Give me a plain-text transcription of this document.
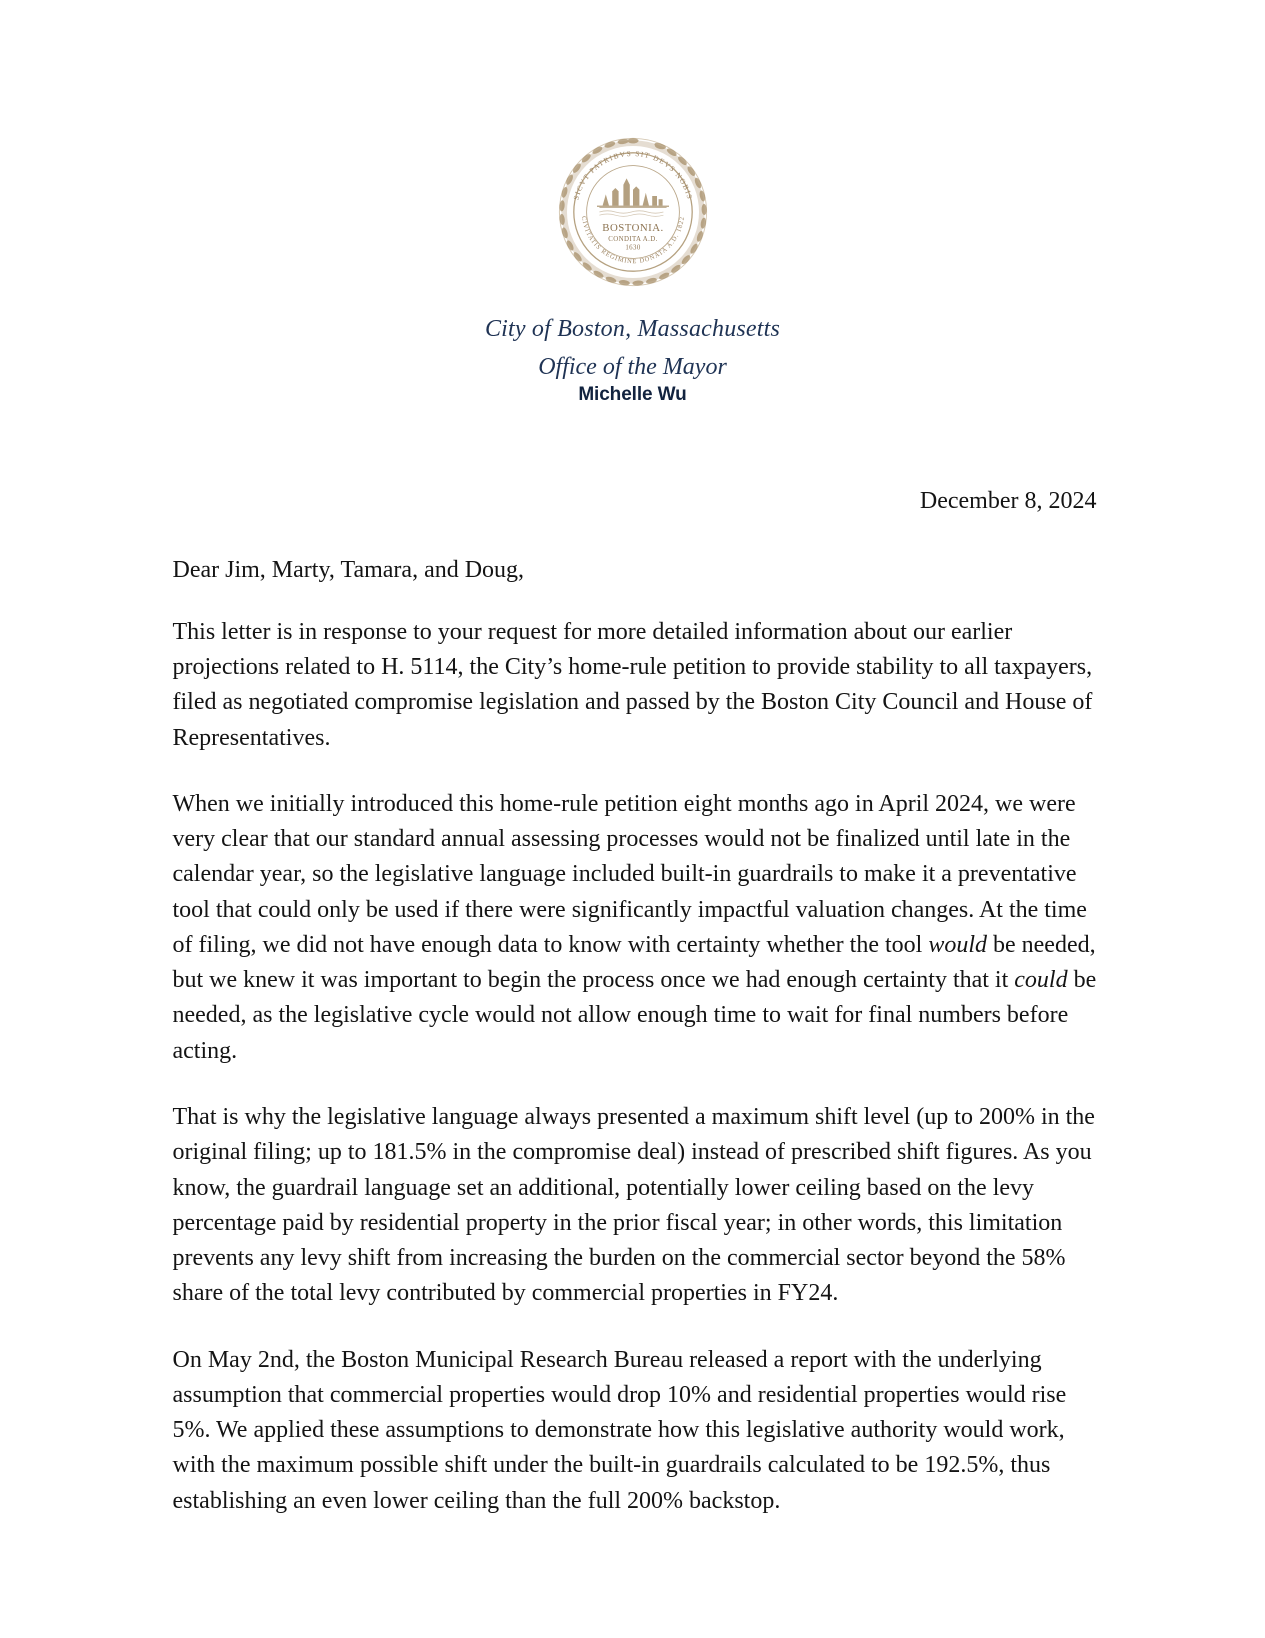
SICVT PATRIBVS SIT DEVS NOBIS
CIVITATIS REGIMINE DONATA A.D. 1822
BOSTONIA.
CONDITA A.D.
1630
City of Boston, Massachusetts
Office of the Mayor
Michelle Wu
December 8, 2024
Dear Jim, Marty, Tamara, and Doug,
This letter is in response to your request for more detailed information about our earlier projections related to H. 5114, the City’s home-rule petition to provide stability to all taxpayers, filed as negotiated compromise legislation and passed by the Boston City Council and House of Representatives.
When we initially introduced this home-rule petition eight months ago in April 2024, we were very clear that our standard annual assessing processes would not be finalized until late in the calendar year, so the legislative language included built-in guardrails to make it a preventative tool that could only be used if there were significantly impactful valuation changes. At the time of filing, we did not have enough data to know with certainty whether the tool would be needed, but we knew it was important to begin the process once we had enough certainty that it could be needed, as the legislative cycle would not allow enough time to wait for final numbers before acting.
That is why the legislative language always presented a maximum shift level (up to 200% in the original filing; up to 181.5% in the compromise deal) instead of prescribed shift figures. As you know, the guardrail language set an additional, potentially lower ceiling based on the levy percentage paid by residential property in the prior fiscal year; in other words, this limitation prevents any levy shift from increasing the burden on the commercial sector beyond the 58% share of the total levy contributed by commercial properties in FY24.
On May 2nd, the Boston Municipal Research Bureau released a report with the underlying assumption that commercial properties would drop 10% and residential properties would rise 5%. We applied these assumptions to demonstrate how this legislative authority would work, with the maximum possible shift under the built-in guardrails calculated to be 192.5%, thus establishing an even lower ceiling than the full 200% backstop.
